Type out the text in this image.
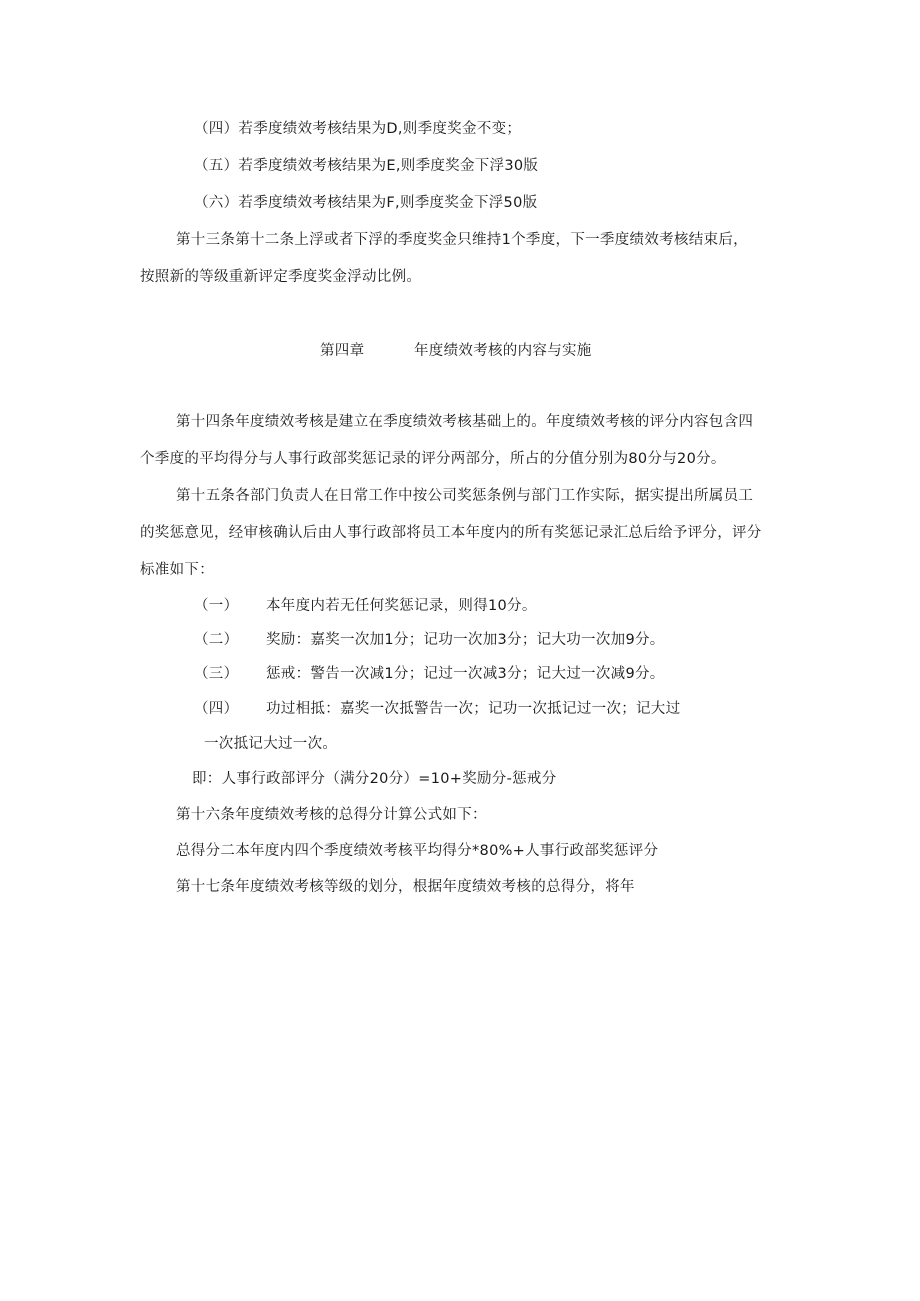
（四）若季度绩效考核结果为D,则季度奖金不变；
（五）若季度绩效考核结果为E,则季度奖金下浮30版
（六）若季度绩效考核结果为F,则季度奖金下浮50版
第十三条第十二条上浮或者下浮的季度奖金只维持1个季度，下一季度绩效考核结束后，
按照新的等级重新评定季度奖金浮动比例。
第四章	年度绩效考核的内容与实施
第十四条年度绩效考核是建立在季度绩效考核基础上的。年度绩效考核的评分内容包含四
个季度的平均得分与人事行政部奖惩记录的评分两部分，所占的分值分别为80分与20分。
第十五条各部门负责人在日常工作中按公司奖惩条例与部门工作实际，据实提出所属员工
的奖惩意见，经审核确认后由人事行政部将员工本年度内的所有奖惩记录汇总后给予评分，评分
标准如下：
（一） 本年度内若无任何奖惩记录，则得10分。
（二） 奖励：嘉奖一次加1分；记功一次加3分；记大功一次加9分。
（三） 惩戒：警告一次减1分；记过一次减3分；记大过一次减9分。
（四） 功过相抵：嘉奖一次抵警告一次；记功一次抵记过一次；记大过
一次抵记大过一次。
即：人事行政部评分（满分20分）=10+奖励分-惩戒分
第十六条年度绩效考核的总得分计算公式如下：
总得分二本年度内四个季度绩效考核平均得分*80%+人事行政部奖惩评分
第十七条年度绩效考核等级的划分，根据年度绩效考核的总得分，将年
